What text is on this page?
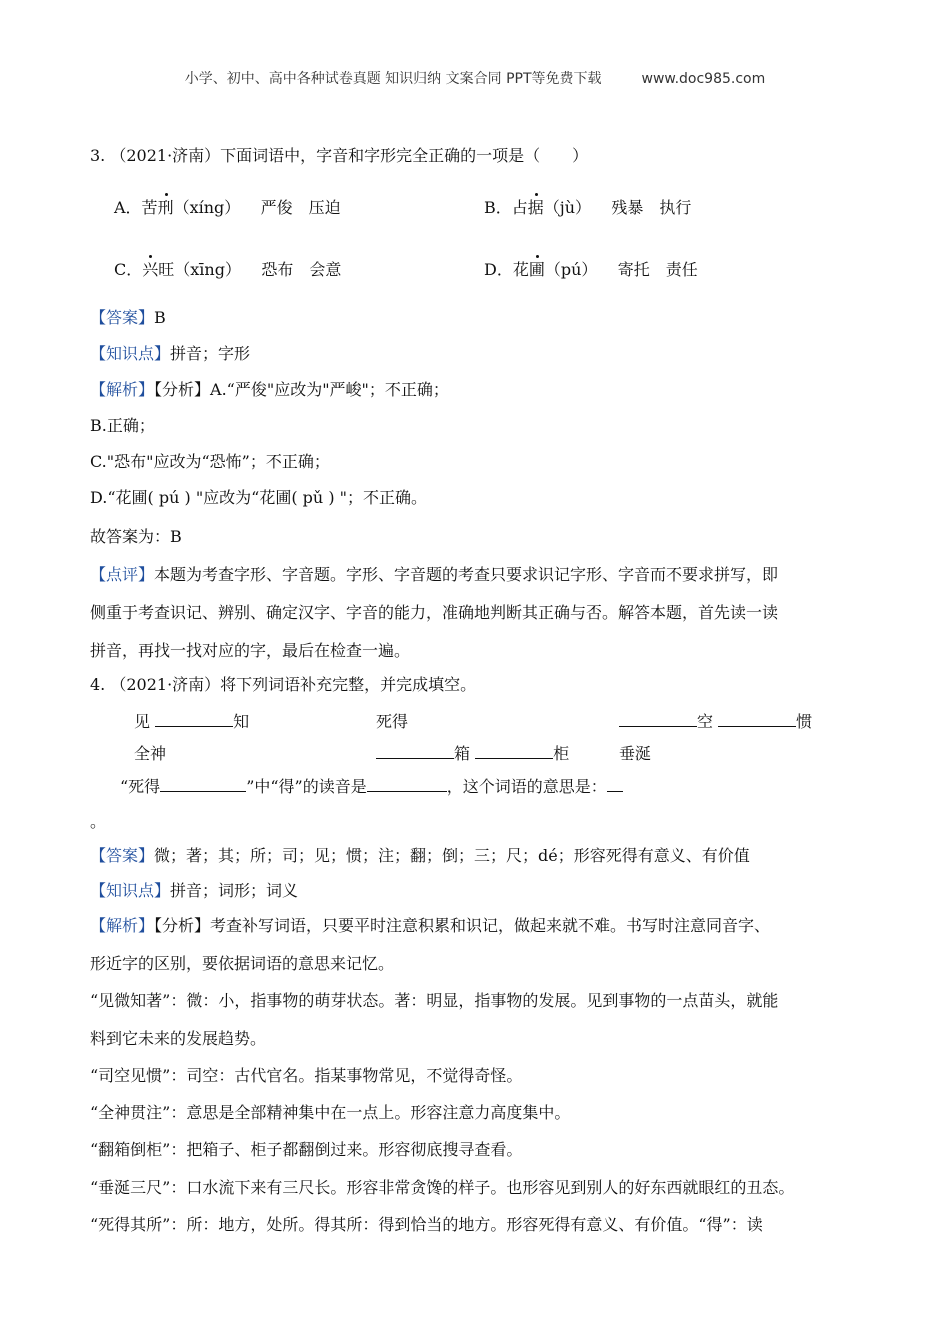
小学、初中、高中各种试卷真题 知识归纳 文案合同 PPT等免费下载	www.doc985.com
3. （2021·济南）下面词语中，字音和字形完全正确的一项是（　　）
A．苦刑（xíng） 严俊　压迫	B．占据（jù） 残暴　执行
C．兴旺（xīng） 恐布　会意	D．花圃（pú） 寄托　责任
【答案】B
【知识点】拼音；字形
【解析】【分析】A.“严俊"应改为"严峻"；不正确；
B.正确；
C."恐布"应改为“恐怖”；不正确；
D.“花圃( pú ) "应改为“花圃( pǔ ) "；不正确。
故答案为：B
【点评】本题为考查字形、字音题。字形、字音题的考查只要求识记字形、字音而不要求拼写，即
侧重于考查识记、辨别、确定汉字、字音的能力，准确地判断其正确与否。解答本题，首先读一读
拼音，再找一找对应的字，最后在检查一遍。
4. （2021·济南）将下列词语补充完整，并完成填空。
见	知	死得	空	惯
全神	箱	柜	垂涎
“死得	”中“得”的读音是	，这个词语的意思是：
。
【答案】微；著；其；所；司；见；惯；注；翻；倒；三；尺；dé；形容死得有意义、有价值
【知识点】拼音；词形；词义
【解析】【分析】考查补写词语，只要平时注意积累和识记，做起来就不难。书写时注意同音字、
形近字的区别，要依据词语的意思来记忆。
“见微知著”：微：小，指事物的萌芽状态。著：明显，指事物的发展。见到事物的一点苗头，就能
料到它未来的发展趋势。
“司空见惯”：司空：古代官名。指某事物常见，不觉得奇怪。
“全神贯注”：意思是全部精神集中在一点上。形容注意力高度集中。
“翻箱倒柜”：把箱子、柜子都翻倒过来。形容彻底搜寻查看。
“垂涎三尺”：口水流下来有三尺长。形容非常贪馋的样子。也形容见到别人的好东西就眼红的丑态。
“死得其所”：所：地方，处所。得其所：得到恰当的地方。形容死得有意义、有价值。“得”：读
